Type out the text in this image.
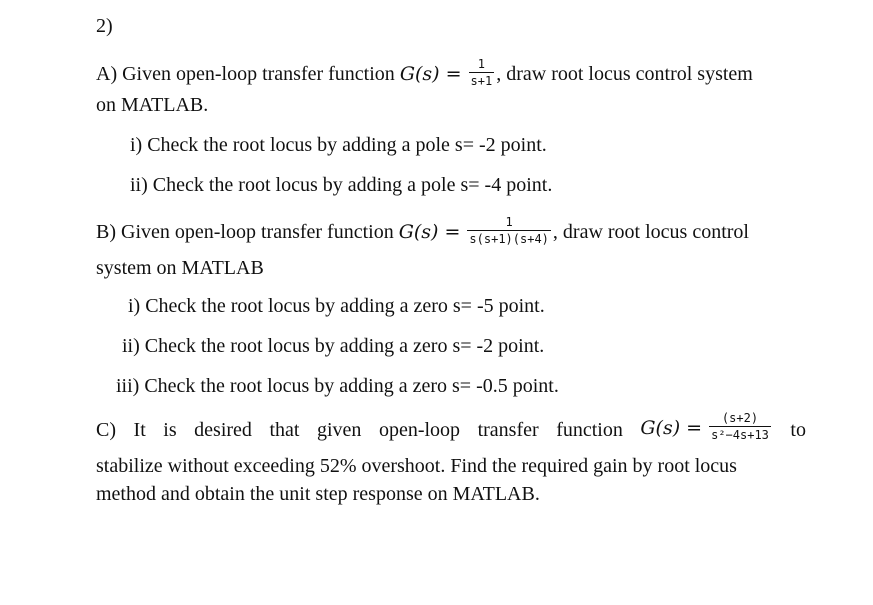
2)
A) Given open-loop transfer function $G(s) = \frac{1}{s+1}$ , draw root locus control system
on MATLAB.
i) Check the root locus by adding a pole s= -2 point.
ii) Check the root locus by adding a pole s= -4 point.
B) Given open-loop transfer function $G(s) = \frac{1}{s(s+1)(s+4)}$ , draw root locus control
system on MATLAB
i) Check the root locus by adding a zero s= -5 point.
ii) Check the root locus by adding a zero s= -2 point.
iii) Check the root locus by adding a zero s= -0.5 point.
C) It is desired that given open-loop transfer function $G(s) = \frac{(s+2)}{\text{s²−4s+13}}$ to
stabilize without exceeding 52% overshoot. Find the required gain by root locus
method and obtain the unit step response on MATLAB.
